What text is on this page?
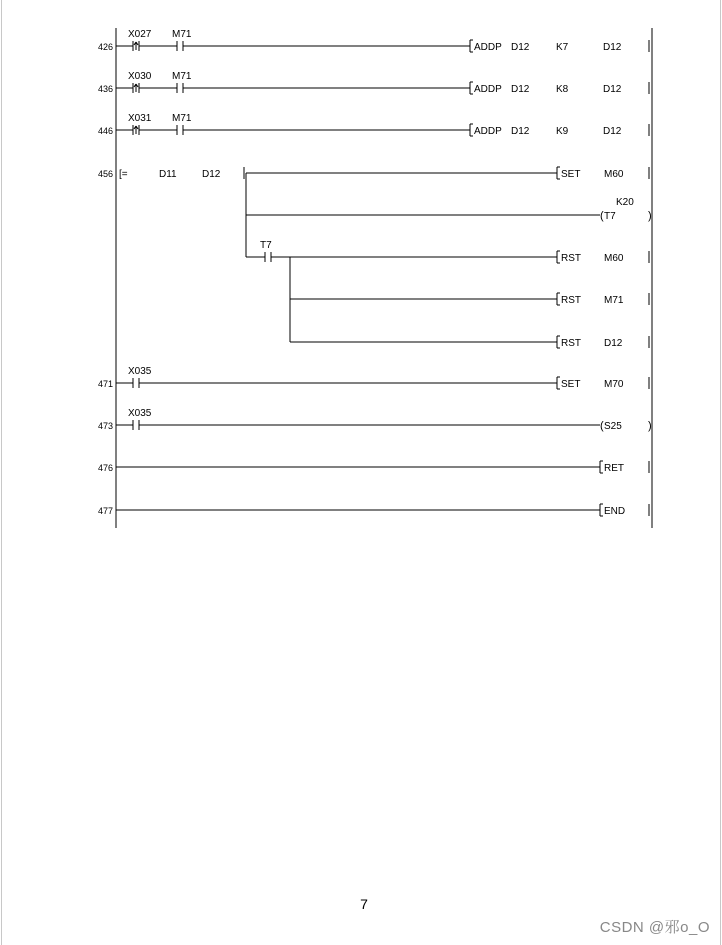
426
X027 M71
ADDP D12	K7	D12
436
X030 M71
ADDP D12	K8	D12
446
X031 M71
ADDP D12	K9	D12
456 [=	D11	D12	SET M60
( T7	)
K20
T7
RST M60
RST M71
RST D12
471
X035
SET M70
473
X035
( S25 )
476	RET
477	END
7
CSDN @邪o_O
